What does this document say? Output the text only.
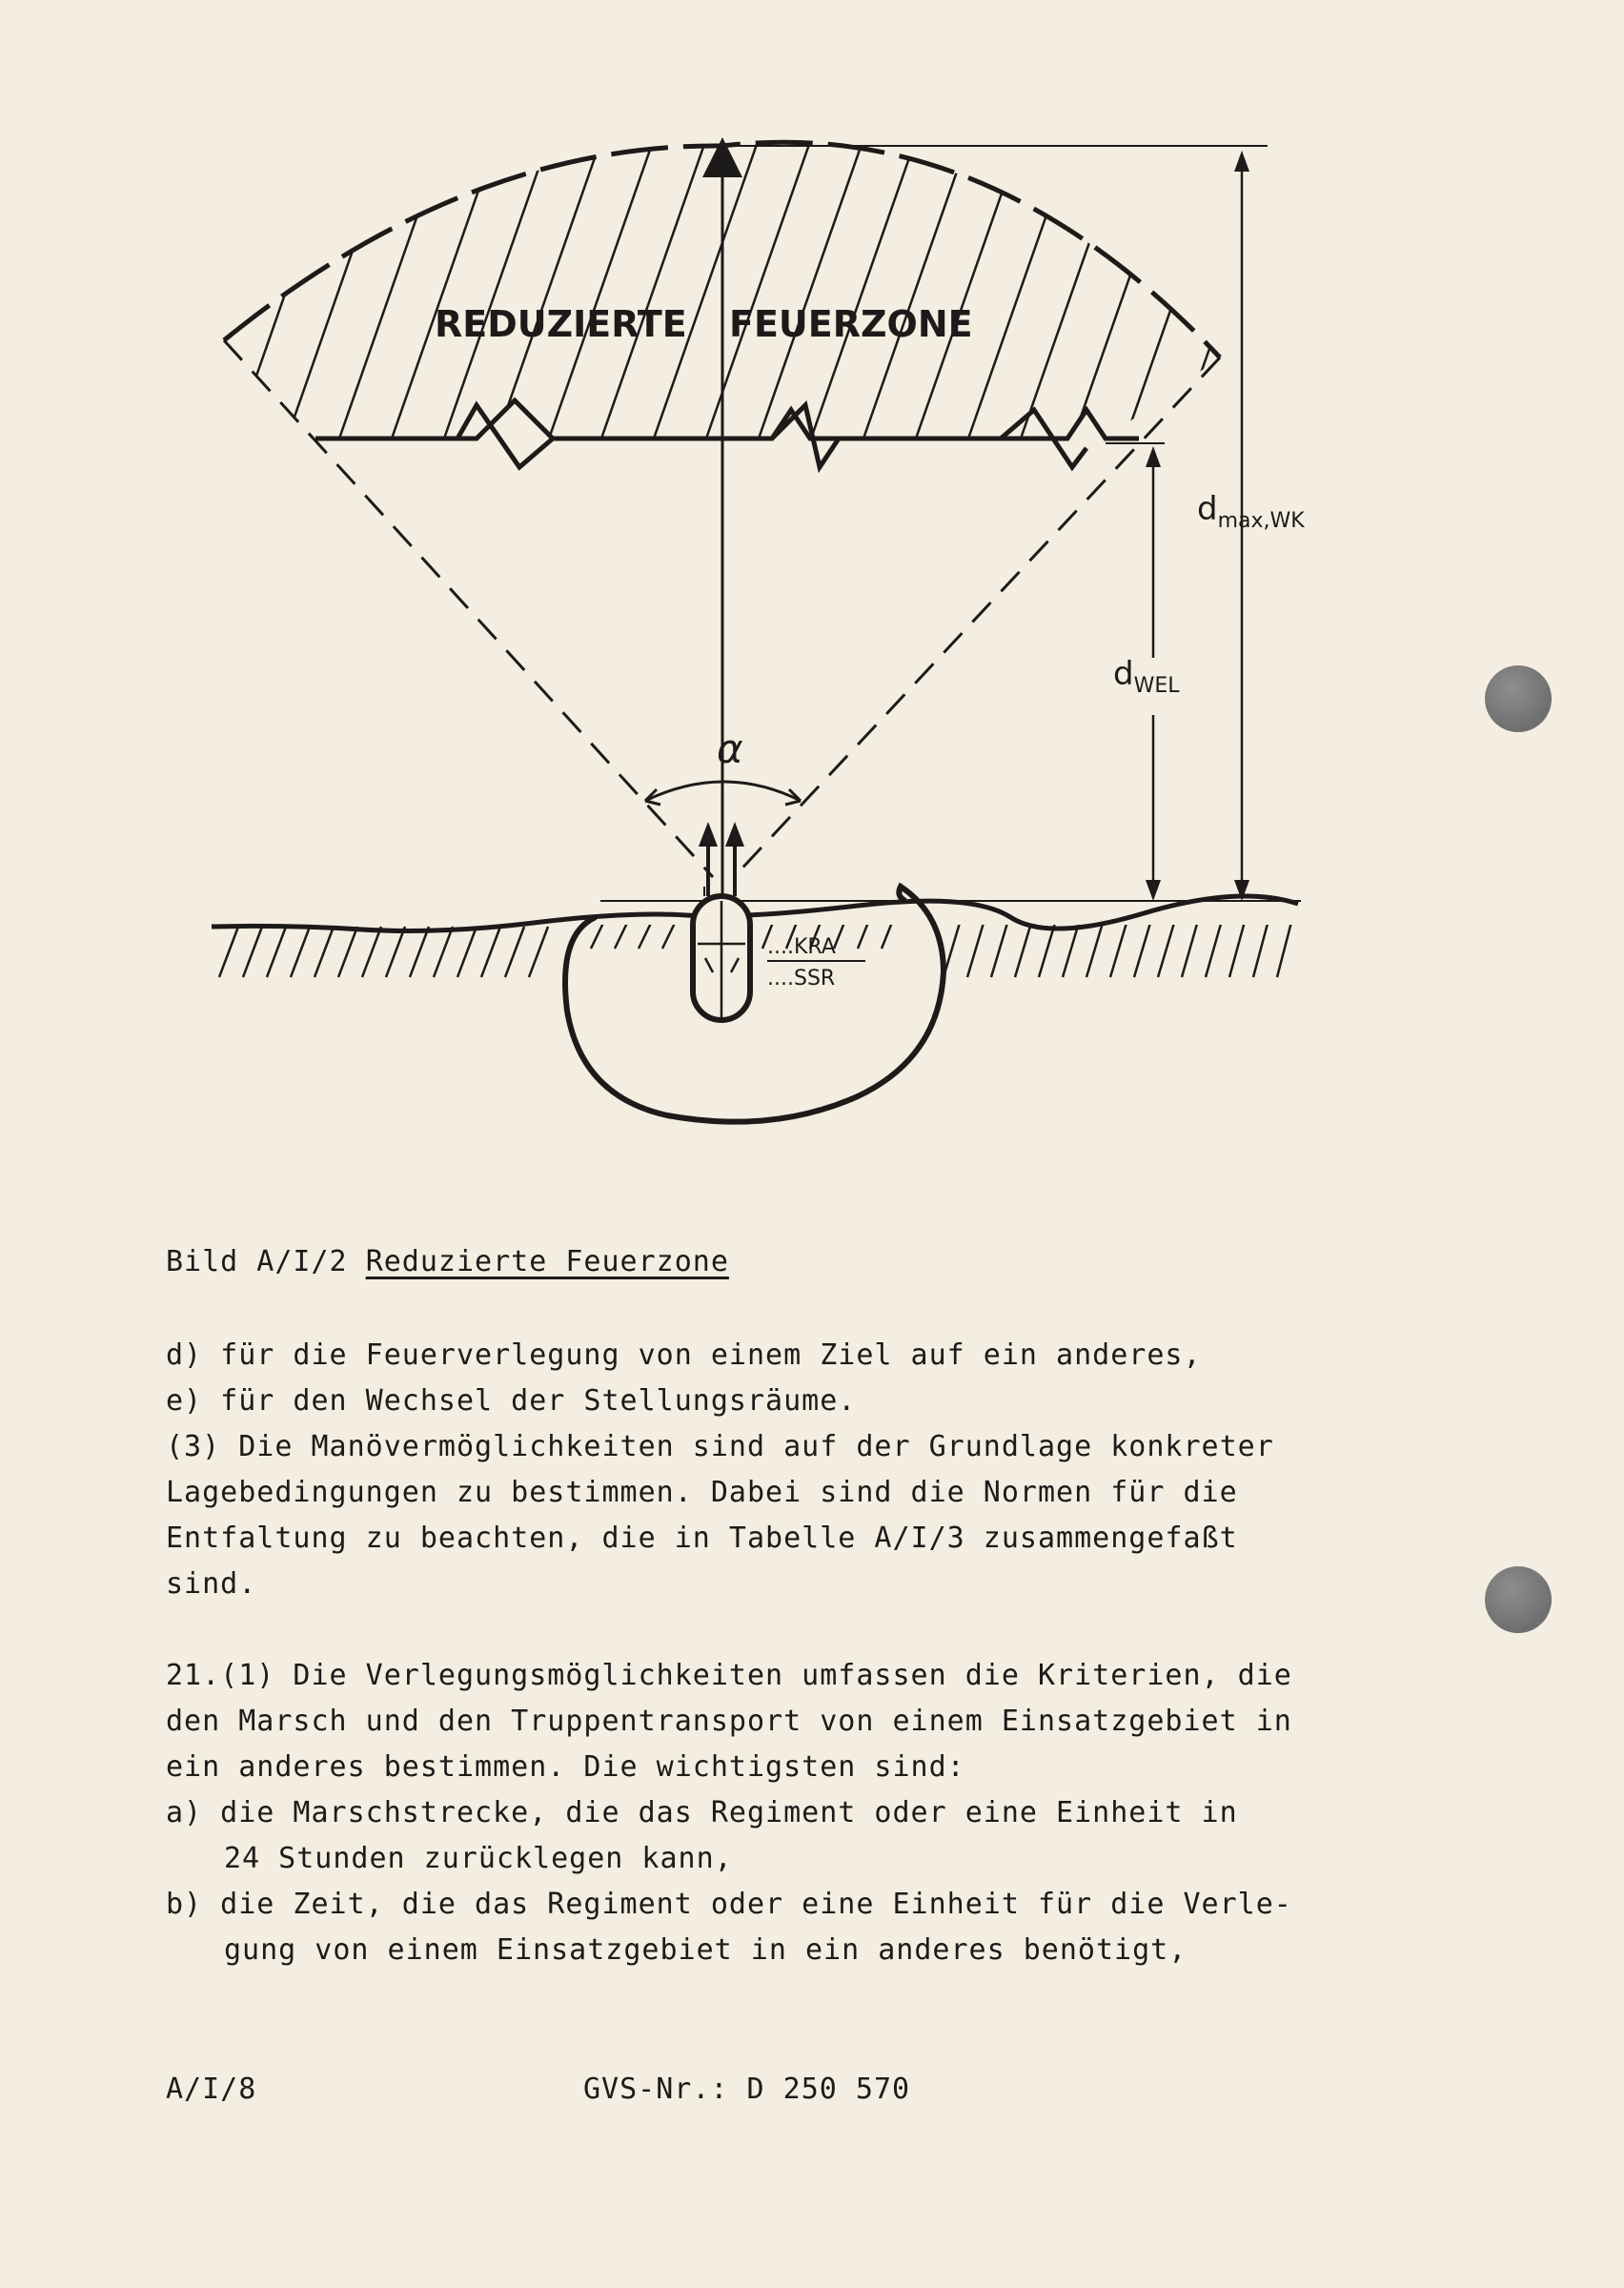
REDUZIERTE FEUERZONE
α
$d_{max,WK}$
$d_{WEL}$
....KRA
....SSR
Bild A/I/2 Reduzierte Feuerzone
d) für die Feuerverlegung von einem Ziel auf ein anderes,
e) für den Wechsel der Stellungsräume.
(3) Die Manövermöglichkeiten sind auf der Grundlage konkreter
Lagebedingungen zu bestimmen. Dabei sind die Normen für die
Entfaltung zu beachten, die in Tabelle A/I/3 zusammengefaßt
sind.
21.(1) Die Verlegungsmöglichkeiten umfassen die Kriterien, die
den Marsch und den Truppentransport von einem Einsatzgebiet in
ein anderes bestimmen. Die wichtigsten sind:
a) die Marschstrecke, die das Regiment oder eine Einheit in
24 Stunden zurücklegen kann,
b) die Zeit, die das Regiment oder eine Einheit für die Verle-
gung von einem Einsatzgebiet in ein anderes benötigt,
A/I/8	GVS-Nr.: D 250 570
